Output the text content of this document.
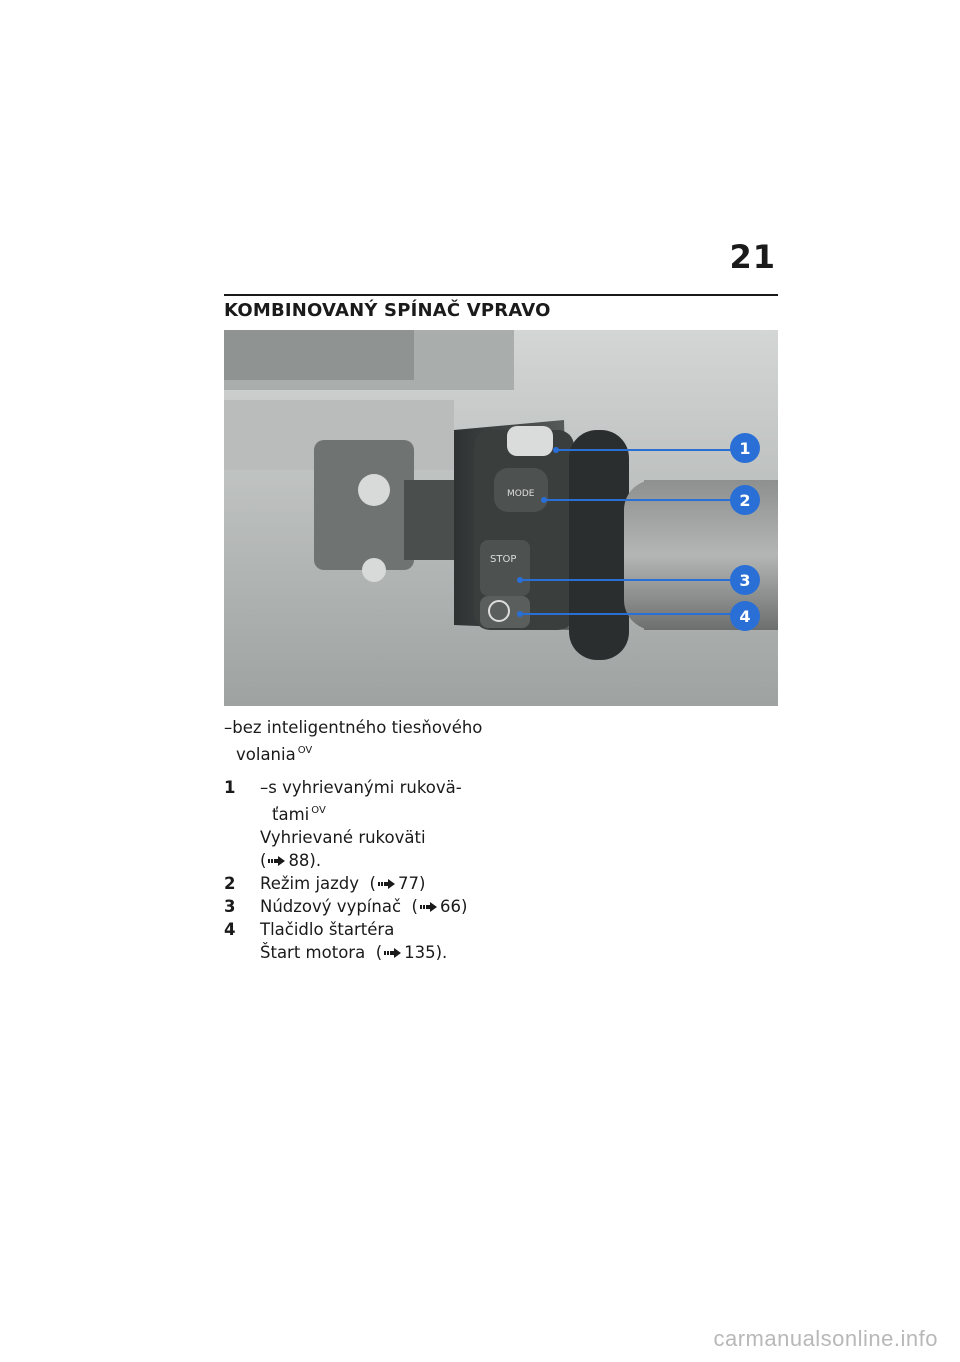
21
KOMBINOVANÝ SPÍNAČ VPRAVO
MODE
STOP
1
2
3
4
–bez inteligentného tiesňového
volania $^{OV}$
1 –s vyhrievanými rukovä-
ťami $^{OV}$
Vyhrievané rukoväti
( 88).
2 Režim jazdy ( 77)
3 Núdzový vypínač ( 66)
4 Tlačidlo štartéra
Štart motora ( 135).
carmanualsonline.info
